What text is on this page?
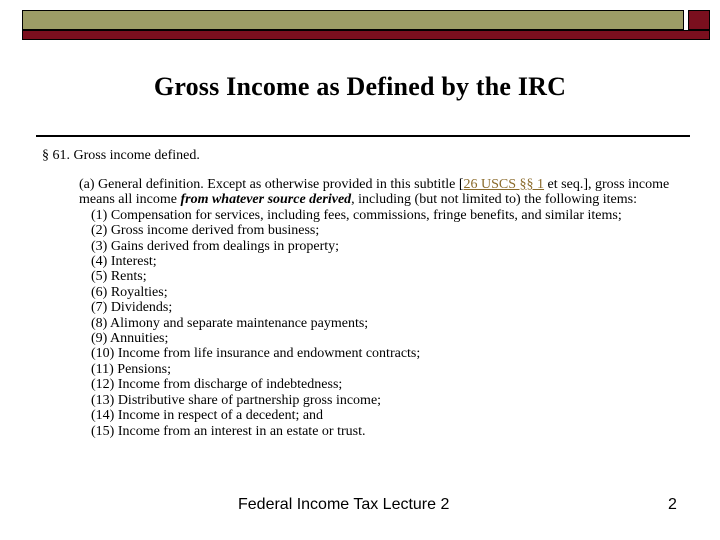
Gross Income as Defined by the IRC
§ 61. Gross income defined.

(a) General definition. Except as otherwise provided in this subtitle [26 USCS §§ 1 et seq.], gross income means all income from whatever source derived, including (but not limited to) the following items:

(1) Compensation for services, including fees, commissions, fringe benefits, and similar items;

(2) Gross income derived from business;

(3) Gains derived from dealings in property;

(4) Interest;

(5) Rents;

(6) Royalties;

(7) Dividends;

(8) Alimony and separate maintenance payments;

(9) Annuities;

(10) Income from life insurance and endowment contracts;

(11) Pensions;

(12) Income from discharge of indebtedness;

(13) Distributive share of partnership gross income;

(14) Income in respect of a decedent; and

(15) Income from an interest in an estate or trust.

Federal Income Tax Lecture 2	2
